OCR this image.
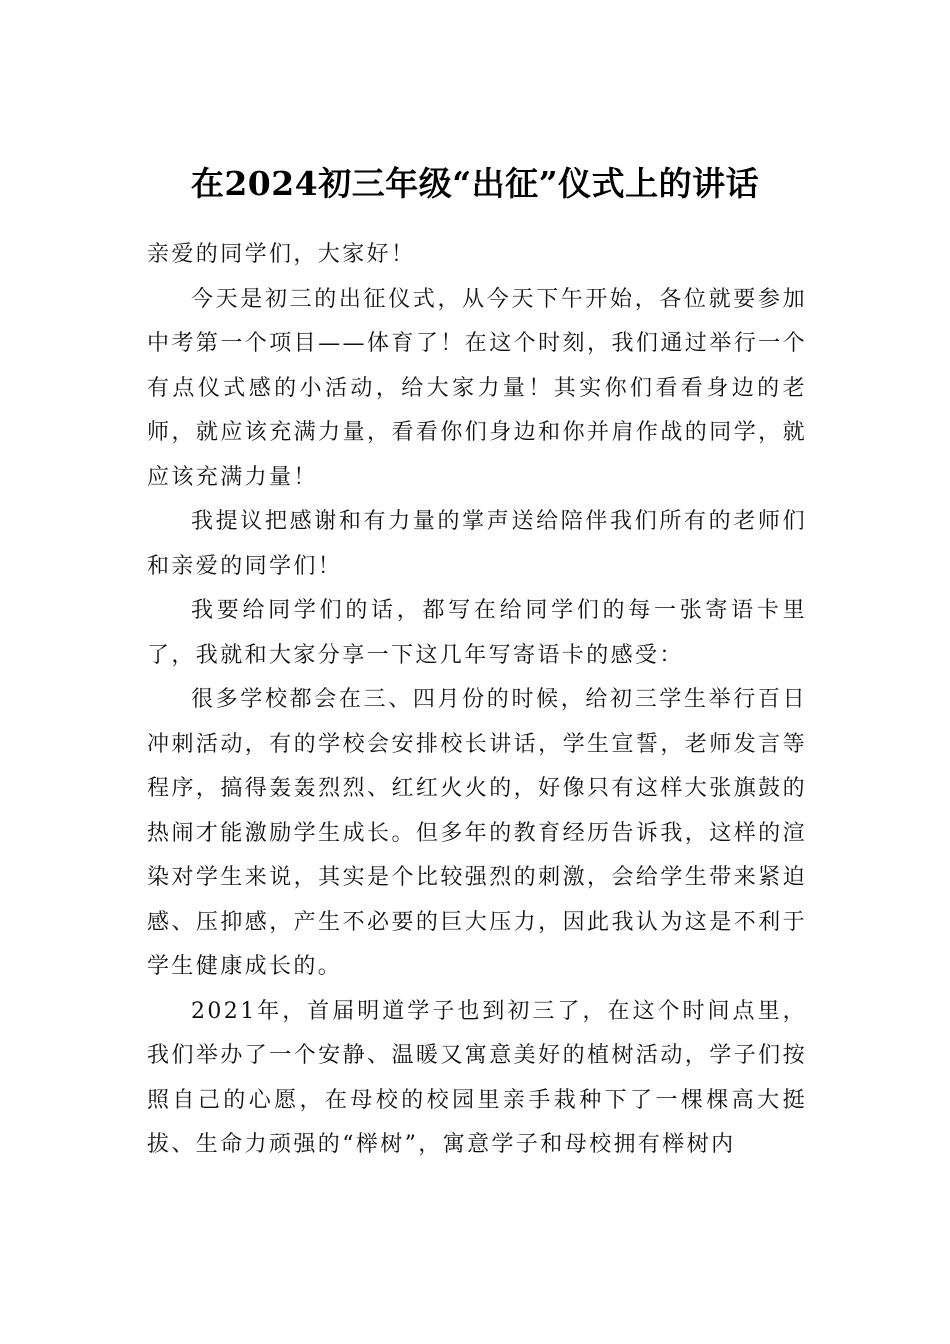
在2024初三年级“出征”仪式上的讲话

亲爱的同学们，大家好！

今天是初三的出征仪式，从今天下午开始，各位就要参加中考第一个项目——体育了！在这个时刻，我们通过举行一个有点仪式感的小活动，给大家力量！其实你们看看身边的老师，就应该充满力量，看看你们身边和你并肩作战的同学，就应该充满力量！

我提议把感谢和有力量的掌声送给陪伴我们所有的老师们和亲爱的同学们！

我要给同学们的话，都写在给同学们的每一张寄语卡里了，我就和大家分享一下这几年写寄语卡的感受：

很多学校都会在三、四月份的时候，给初三学生举行百日冲刺活动，有的学校会安排校长讲话，学生宣誓，老师发言等程序，搞得轰轰烈烈、红红火火的，好像只有这样大张旗鼓的热闹才能激励学生成长。但多年的教育经历告诉我，这样的渲染对学生来说，其实是个比较强烈的刺激，会给学生带来紧迫感、压抑感，产生不必要的巨大压力，因此我认为这是不利于学生健康成长的。

2021年，首届明道学子也到初三了，在这个时间点里，我们举办了一个安静、温暖又寓意美好的植树活动，学子们按照自己的心愿，在母校的校园里亲手栽种下了一棵棵高大挺拔、生命力顽强的“榉树”，寓意学子和母校拥有榉树内
